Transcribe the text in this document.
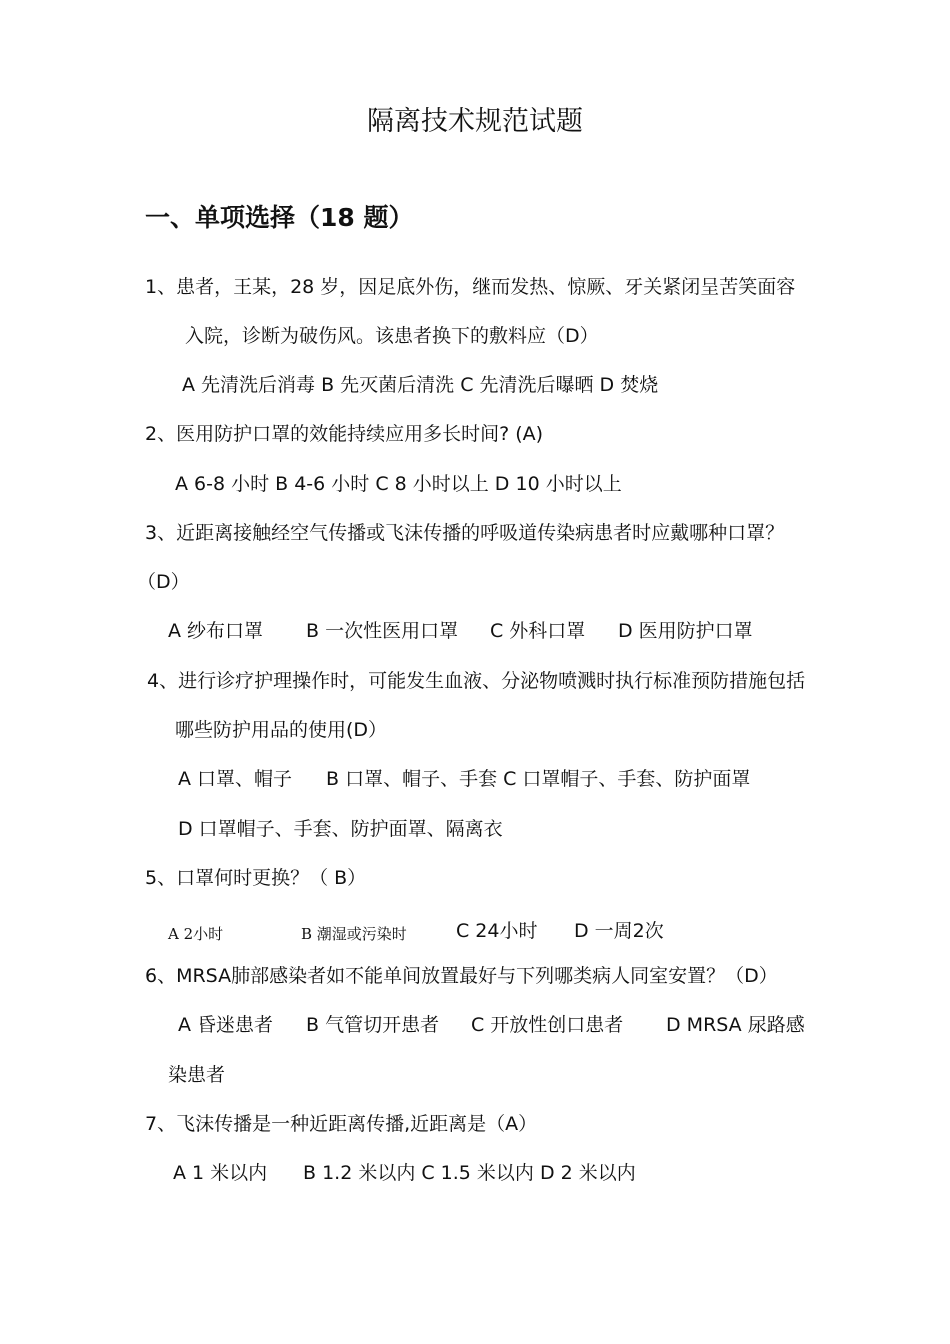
隔离技术规范试题
一、单项选择（18 题）
1、患者，王某，28 岁，因足底外伤，继而发热、惊厥、牙关紧闭呈苦笑面容
入院，诊断为破伤风。该患者换下的敷料应（D）
A 先清洗后消毒 B 先灭菌后清洗 C 先清洗后曝晒 D 焚烧
2、医用防护口罩的效能持续应用多长时间? (A)
A 6-8 小时 B 4-6 小时 C 8 小时以上 D 10 小时以上
3、近距离接触经空气传播或飞沫传播的呼吸道传染病患者时应戴哪种口罩？
（D）
A 纱布口罩 B 一次性医用口罩 C 外科口罩 D 医用防护口罩
4、进行诊疗护理操作时，可能发生血液、分泌物喷溅时执行标准预防措施包括
哪些防护用品的使用(D）
A 口罩、帽子 B 口罩、帽子、手套 C 口罩帽子、手套、防护面罩
D 口罩帽子、手套、防护面罩、隔离衣
5、口罩何时更换？（ B）
A 2小时	B 潮湿或污染时	C 24小时 D 一周2次
6、MRSA肺部感染者如不能单间放置最好与下列哪类病人同室安置？（D）
A 昏迷患者 B 气管切开患者 C 开放性创口患者 D MRSA 尿路感
染患者
7、飞沫传播是一种近距离传播,近距离是（A）
A 1 米以内 B 1.2 米以内 C 1.5 米以内 D 2 米以内
